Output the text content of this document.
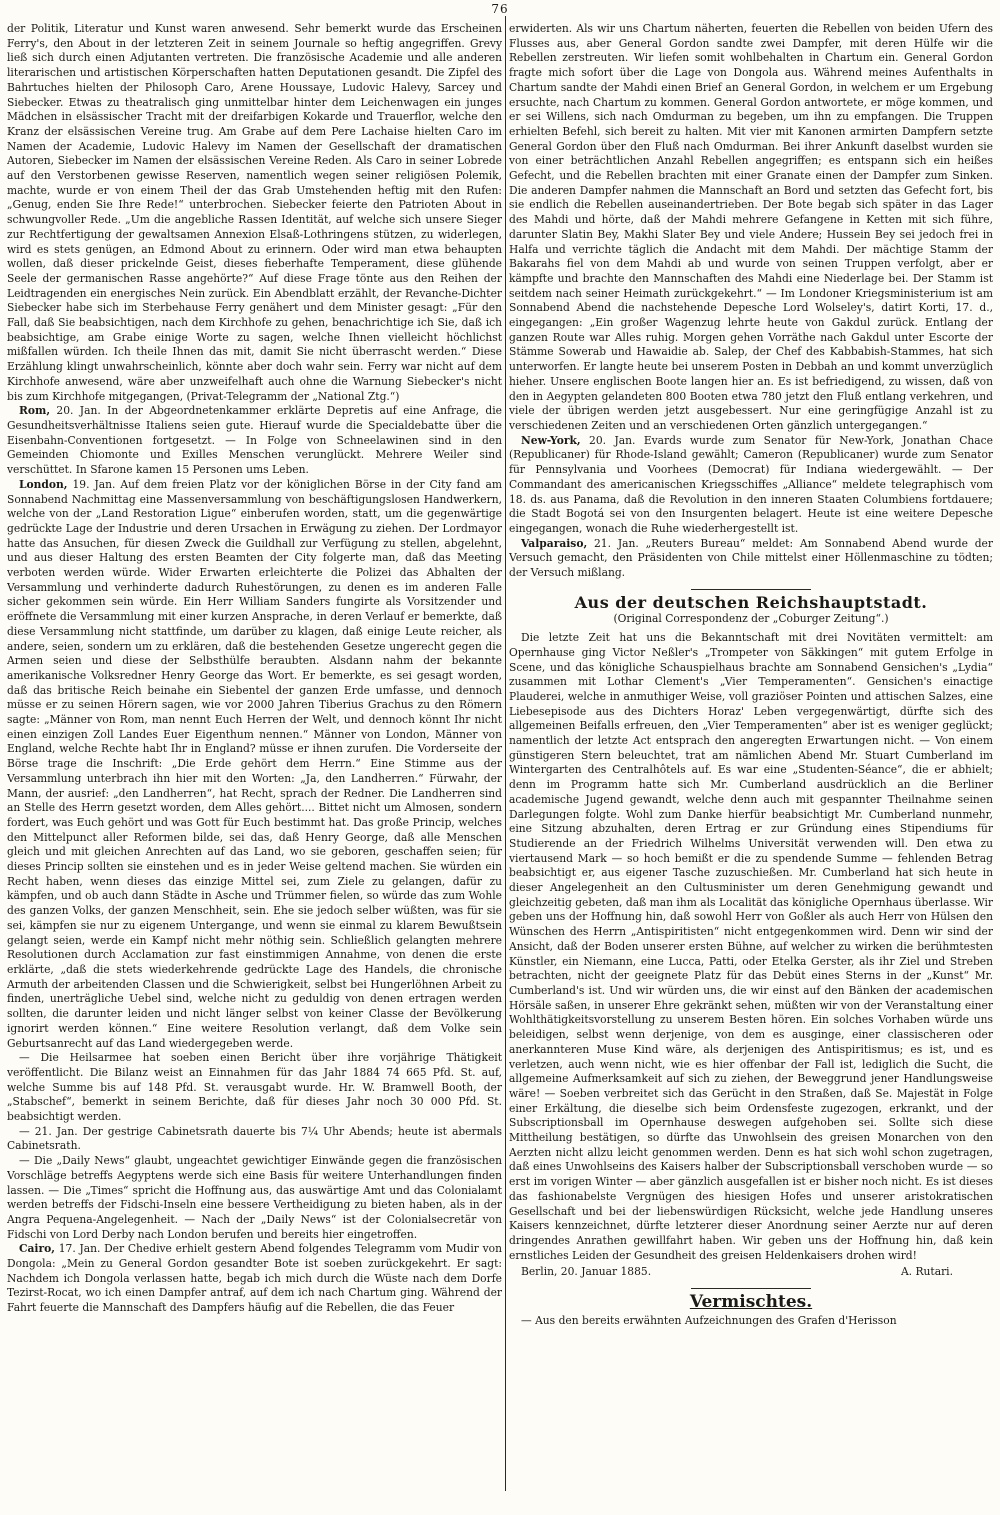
76

der Politik, Literatur und Kunst waren anwesend. Sehr bemerkt wurde das Erscheinen Ferry's, den About in der letzteren Zeit in seinem Journale so heftig angegriffen. Grevy ließ sich durch einen Adjutanten vertreten. Die französische Academie und alle anderen literarischen und artistischen Körperschaften hatten Deputationen gesandt. Die Zipfel des Bahrtuches hielten der Philosoph Caro, Arene Houssaye, Ludovic Halevy, Sarcey und Siebecker. Etwas zu theatralisch ging unmittelbar hinter dem Leichenwagen ein junges Mädchen in elsässischer Tracht mit der dreifarbigen Kokarde und Trauerflor, welche den Kranz der elsässischen Vereine trug. Am Grabe auf dem Pere Lachaise hielten Caro im Namen der Academie, Ludovic Halevy im Namen der Gesellschaft der dramatischen Autoren, Siebecker im Namen der elsässischen Vereine Reden. Als Caro in seiner Lobrede auf den Verstorbenen gewisse Reserven, namentlich wegen seiner religiösen Polemik, machte, wurde er von einem Theil der das Grab Umstehenden heftig mit den Rufen: „Genug, enden Sie Ihre Rede!“ unterbrochen. Siebecker feierte den Patrioten About in schwungvoller Rede. „Um die angebliche Rassen Identität, auf welche sich unsere Sieger zur Rechtfertigung der gewaltsamen Annexion Elsaß-Lothringens stützen, zu widerlegen, wird es stets genügen, an Edmond About zu erinnern. Oder wird man etwa behaupten wollen, daß dieser prickelnde Geist, dieses fieberhafte Temperament, diese glühende Seele der germanischen Rasse angehörte?“ Auf diese Frage tönte aus den Reihen der Leidtragenden ein energisches Nein zurück. Ein Abendblatt erzählt, der Revanche-Dichter Siebecker habe sich im Sterbehause Ferry genähert und dem Minister gesagt: „Für den Fall, daß Sie beabsichtigen, nach dem Kirchhofe zu gehen, benachrichtige ich Sie, daß ich beabsichtige, am Grabe einige Worte zu sagen, welche Ihnen vielleicht höchlichst mißfallen würden. Ich theile Ihnen das mit, damit Sie nicht überrascht werden.“ Diese Erzählung klingt unwahrscheinlich, könnte aber doch wahr sein. Ferry war nicht auf dem Kirchhofe anwesend, wäre aber unzweifelhaft auch ohne die Warnung Siebecker's nicht bis zum Kirchhofe mitgegangen, (Privat-Telegramm der „National Ztg.“)

Rom, 20. Jan. In der Abgeordnetenkammer erklärte Depretis auf eine Anfrage, die Gesundheitsverhältnisse Italiens seien gute. Hierauf wurde die Specialdebatte über die Eisenbahn-Conventionen fortgesetzt. — In Folge von Schneelawinen sind in den Gemeinden Chiomonte und Exilles Menschen verunglückt. Mehrere Weiler sind verschüttet. In Sfarone kamen 15 Personen ums Leben.

London, 19. Jan. Auf dem freien Platz vor der königlichen Börse in der City fand am Sonnabend Nachmittag eine Massenversammlung von beschäftigungslosen Handwerkern, welche von der „Land Restoration Ligue“ einberufen worden, statt, um die gegenwärtige gedrückte Lage der Industrie und deren Ursachen in Erwägung zu ziehen. Der Lordmayor hatte das Ansuchen, für diesen Zweck die Guildhall zur Verfügung zu stellen, abgelehnt, und aus dieser Haltung des ersten Beamten der City folgerte man, daß das Meeting verboten werden würde. Wider Erwarten erleichterte die Polizei das Abhalten der Versammlung und verhinderte dadurch Ruhestörungen, zu denen es im anderen Falle sicher gekommen sein würde. Ein Herr William Sanders fungirte als Vorsitzender und eröffnete die Versammlung mit einer kurzen Ansprache, in deren Verlauf er bemerkte, daß diese Versammlung nicht stattfinde, um darüber zu klagen, daß einige Leute reicher, als andere, seien, sondern um zu erklären, daß die bestehenden Gesetze ungerecht gegen die Armen seien und diese der Selbsthülfe beraubten. Alsdann nahm der bekannte amerikanische Volksredner Henry George das Wort. Er bemerkte, es sei gesagt worden, daß das britische Reich beinahe ein Siebentel der ganzen Erde umfasse, und dennoch müsse er zu seinen Hörern sagen, wie vor 2000 Jahren Tiberius Grachus zu den Römern sagte: „Männer von Rom, man nennt Euch Herren der Welt, und dennoch könnt Ihr nicht einen einzigen Zoll Landes Euer Eigenthum nennen.“ Männer von London, Männer von England, welche Rechte habt Ihr in England? müsse er ihnen zurufen. Die Vorderseite der Börse trage die Inschrift: „Die Erde gehört dem Herrn.“ Eine Stimme aus der Versammlung unterbrach ihn hier mit den Worten: „Ja, den Landherren.“ Fürwahr, der Mann, der ausrief: „den Landherren“, hat Recht, sprach der Redner. Die Landherren sind an Stelle des Herrn gesetzt worden, dem Alles gehört.... Bittet nicht um Almosen, sondern fordert, was Euch gehört und was Gott für Euch bestimmt hat. Das große Princip, welches den Mittelpunct aller Reformen bilde, sei das, daß Henry George, daß alle Menschen gleich und mit gleichen Anrechten auf das Land, wo sie geboren, geschaffen seien; für dieses Princip sollten sie einstehen und es in jeder Weise geltend machen. Sie würden ein Recht haben, wenn dieses das einzige Mittel sei, zum Ziele zu gelangen, dafür zu kämpfen, und ob auch dann Städte in Asche und Trümmer fielen, so würde das zum Wohle des ganzen Volks, der ganzen Menschheit, sein. Ehe sie jedoch selber wüßten, was für sie sei, kämpfen sie nur zu eigenem Untergange, und wenn sie einmal zu klarem Bewußtsein gelangt seien, werde ein Kampf nicht mehr nöthig sein. Schließlich gelangten mehrere Resolutionen durch Acclamation zur fast einstimmigen Annahme, von denen die erste erklärte, „daß die stets wiederkehrende gedrückte Lage des Handels, die chronische Armuth der arbeitenden Classen und die Schwierigkeit, selbst bei Hungerlöhnen Arbeit zu finden, unerträgliche Uebel sind, welche nicht zu geduldig von denen ertragen werden sollten, die darunter leiden und nicht länger selbst von keiner Classe der Bevölkerung ignorirt werden können.“ Eine weitere Resolution verlangt, daß dem Volke sein Geburtsanrecht auf das Land wiedergegeben werde.

— Die Heilsarmee hat soeben einen Bericht über ihre vorjährige Thätigkeit veröffentlicht. Die Bilanz weist an Einnahmen für das Jahr 1884 74 665 Pfd. St. auf, welche Summe bis auf 148 Pfd. St. verausgabt wurde. Hr. W. Bramwell Booth, der „Stabschef“, bemerkt in seinem Berichte, daß für dieses Jahr noch 30 000 Pfd. St. beabsichtigt werden.

— 21. Jan. Der gestrige Cabinetsrath dauerte bis 7¼ Uhr Abends; heute ist abermals Cabinetsrath.

— Die „Daily News“ glaubt, ungeachtet gewichtiger Einwände gegen die französischen Vorschläge betreffs Aegyptens werde sich eine Basis für weitere Unterhandlungen finden lassen. — Die „Times“ spricht die Hoffnung aus, das auswärtige Amt und das Colonialamt werden betreffs der Fidschi-Inseln eine bessere Vertheidigung zu bieten haben, als in der Angra Pequena-Angelegenheit. — Nach der „Daily News“ ist der Colonialsecretär von Fidschi von Lord Derby nach London berufen und bereits hier eingetroffen.

Cairo, 17. Jan. Der Chedive erhielt gestern Abend folgendes Telegramm vom Mudir von Dongola: „Mein zu General Gordon gesandter Bote ist soeben zurückgekehrt. Er sagt: Nachdem ich Dongola verlassen hatte, begab ich mich durch die Wüste nach dem Dorfe Tezirst-Rocat, wo ich einen Dampfer antraf, auf dem ich nach Chartum ging. Während der Fahrt feuerte die Mannschaft des Dampfers häufig auf die Rebellen, die das Feuer

erwiderten. Als wir uns Chartum näherten, feuerten die Rebellen von beiden Ufern des Flusses aus, aber General Gordon sandte zwei Dampfer, mit deren Hülfe wir die Rebellen zerstreuten. Wir liefen somit wohlbehalten in Chartum ein. General Gordon fragte mich sofort über die Lage von Dongola aus. Während meines Aufenthalts in Chartum sandte der Mahdi einen Brief an General Gordon, in welchem er um Ergebung ersuchte, nach Chartum zu kommen. General Gordon antwortete, er möge kommen, und er sei Willens, sich nach Omdurman zu begeben, um ihn zu empfangen. Die Truppen erhielten Befehl, sich bereit zu halten. Mit vier mit Kanonen armirten Dampfern setzte General Gordon über den Fluß nach Omdurman. Bei ihrer Ankunft daselbst wurden sie von einer beträchtlichen Anzahl Rebellen angegriffen; es entspann sich ein heißes Gefecht, und die Rebellen brachten mit einer Granate einen der Dampfer zum Sinken. Die anderen Dampfer nahmen die Mannschaft an Bord und setzten das Gefecht fort, bis sie endlich die Rebellen auseinandertrieben. Der Bote begab sich später in das Lager des Mahdi und hörte, daß der Mahdi mehrere Gefangene in Ketten mit sich führe, darunter Slatin Bey, Makhi Slater Bey und viele Andere; Hussein Bey sei jedoch frei in Halfa und verrichte täglich die Andacht mit dem Mahdi. Der mächtige Stamm der Bakarahs fiel von dem Mahdi ab und wurde von seinen Truppen verfolgt, aber er kämpfte und brachte den Mannschaften des Mahdi eine Niederlage bei. Der Stamm ist seitdem nach seiner Heimath zurückgekehrt.“ — Im Londoner Kriegsministerium ist am Sonnabend Abend die nachstehende Depesche Lord Wolseley's, datirt Korti, 17. d., eingegangen: „Ein großer Wagenzug lehrte heute von Gakdul zurück. Entlang der ganzen Route war Alles ruhig. Morgen gehen Vorräthe nach Gakdul unter Escorte der Stämme Sowerab und Hawaidie ab. Salep, der Chef des Kabbabish-Stammes, hat sich unterworfen. Er langte heute bei unserem Posten in Debbah an und kommt unverzüglich hieher. Unsere englischen Boote langen hier an. Es ist befriedigend, zu wissen, daß von den in Aegypten gelandeten 800 Booten etwa 780 jetzt den Fluß entlang verkehren, und viele der übrigen werden jetzt ausgebessert. Nur eine geringfügige Anzahl ist zu verschiedenen Zeiten und an verschiedenen Orten gänzlich untergegangen.“

New-York, 20. Jan. Evards wurde zum Senator für New-York, Jonathan Chace (Republicaner) für Rhode-Island gewählt; Cameron (Republicaner) wurde zum Senator für Pennsylvania und Voorhees (Democrat) für Indiana wiedergewählt. — Der Commandant des americanischen Kriegsschiffes „Alliance“ meldete telegraphisch vom 18. ds. aus Panama, daß die Revolution in den inneren Staaten Columbiens fortdauere; die Stadt Bogotá sei von den Insurgenten belagert. Heute ist eine weitere Depesche eingegangen, wonach die Ruhe wiederhergestellt ist.

Valparaiso, 21. Jan. „Reuters Bureau“ meldet: Am Sonnabend Abend wurde der Versuch gemacht, den Präsidenten von Chile mittelst einer Höllenmaschine zu tödten; der Versuch mißlang.

Aus der deutschen Reichshauptstadt.
(Original Correspondenz der „Coburger Zeitung“.)

Die letzte Zeit hat uns die Bekanntschaft mit drei Novitäten vermittelt: am Opernhause ging Victor Neßler's „Trompeter von Säkkingen“ mit gutem Erfolge in Scene, und das königliche Schauspielhaus brachte am Sonnabend Gensichen's „Lydia“ zusammen mit Lothar Clement's „Vier Temperamenten“. Gensichen's einactige Plauderei, welche in anmuthiger Weise, voll graziöser Pointen und attischen Salzes, eine Liebesepisode aus des Dichters Horaz' Leben vergegenwärtigt, dürfte sich des allgemeinen Beifalls erfreuen, den „Vier Temperamenten“ aber ist es weniger geglückt; namentlich der letzte Act entsprach den angeregten Erwartungen nicht. — Von einem günstigeren Stern beleuchtet, trat am nämlichen Abend Mr. Stuart Cumberland im Wintergarten des Centralhôtels auf. Es war eine „Studenten-Séance“, die er abhielt; denn im Programm hatte sich Mr. Cumberland ausdrücklich an die Berliner academische Jugend gewandt, welche denn auch mit gespannter Theilnahme seinen Darlegungen folgte. Wohl zum Danke hierfür beabsichtigt Mr. Cumberland nunmehr, eine Sitzung abzuhalten, deren Ertrag er zur Gründung eines Stipendiums für Studierende an der Friedrich Wilhelms Universität verwenden will. Den etwa zu viertausend Mark — so hoch bemißt er die zu spendende Summe — fehlenden Betrag beabsichtigt er, aus eigener Tasche zuzuschießen. Mr. Cumberland hat sich heute in dieser Angelegenheit an den Cultusminister um deren Genehmigung gewandt und gleichzeitig gebeten, daß man ihm als Localität das königliche Opernhaus überlasse. Wir geben uns der Hoffnung hin, daß sowohl Herr von Goßler als auch Herr von Hülsen den Wünschen des Herrn „Antispiritisten“ nicht entgegenkommen wird. Denn wir sind der Ansicht, daß der Boden unserer ersten Bühne, auf welcher zu wirken die berühmtesten Künstler, ein Niemann, eine Lucca, Patti, oder Etelka Gerster, als ihr Ziel und Streben betrachten, nicht der geeignete Platz für das Debüt eines Sterns in der „Kunst“ Mr. Cumberland's ist. Und wir würden uns, die wir einst auf den Bänken der academischen Hörsäle saßen, in unserer Ehre gekränkt sehen, müßten wir von der Veranstaltung einer Wohlthätigkeitsvorstellung zu unserem Besten hören. Ein solches Vorhaben würde uns beleidigen, selbst wenn derjenige, von dem es ausginge, einer classischeren oder anerkannteren Muse Kind wäre, als derjenigen des Antispiritismus; es ist, und es verletzen, auch wenn nicht, wie es hier offenbar der Fall ist, lediglich die Sucht, die allgemeine Aufmerksamkeit auf sich zu ziehen, der Beweggrund jener Handlungsweise wäre! — Soeben verbreitet sich das Gerücht in den Straßen, daß Se. Majestät in Folge einer Erkältung, die dieselbe sich beim Ordensfeste zugezogen, erkrankt, und der Subscriptionsball im Opernhause deswegen aufgehoben sei. Sollte sich diese Mittheilung bestätigen, so dürfte das Unwohlsein des greisen Monarchen von den Aerzten nicht allzu leicht genommen werden. Denn es hat sich wohl schon zugetragen, daß eines Unwohlseins des Kaisers halber der Subscriptionsball verschoben wurde — so erst im vorigen Winter — aber gänzlich ausgefallen ist er bisher noch nicht. Es ist dieses das fashionabelste Vergnügen des hiesigen Hofes und unserer aristokratischen Gesellschaft und bei der liebenswürdigen Rücksicht, welche jede Handlung unseres Kaisers kennzeichnet, dürfte letzterer dieser Anordnung seiner Aerzte nur auf deren dringendes Anrathen gewillfahrt haben. Wir geben uns der Hoffnung hin, daß kein ernstliches Leiden der Gesundheit des greisen Heldenkaisers drohen wird!

Berlin, 20. Januar 1885.	A. Rutari.

Vermischtes.

— Aus den bereits erwähnten Aufzeichnungen des Grafen d'Herisson
